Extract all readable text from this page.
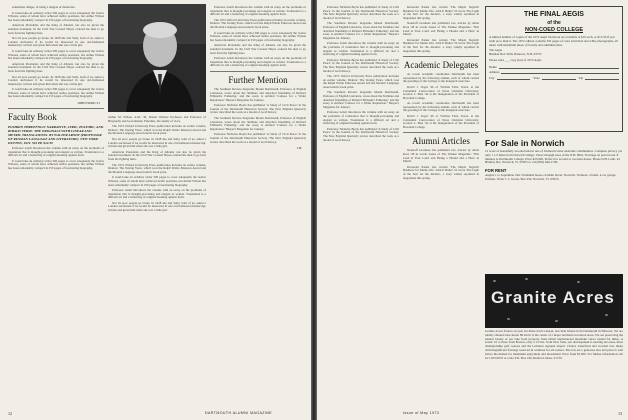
sometimes danger, of being a magpie of memories.

It would take an ordinary writer 500 pages to cover adequately the twelve Wilsons, some of whom have achieved stellar positions, but Arthur Wilson has been remarkably compact in 250 pages of fascinating biography.

American Presidents and the King of Albania can also be given the standard treatment. In the Civil War Colonel Hayes ordered his men to go back from the fighting lines.

Not all poor people go broke. In 1928 she and Sally, both of us, asked a London auctioneer if he would be interested in one old-fashioned manuscript, written and given him when she was a little girl.

It would take an ordinary writer 500 pages to cover adequately the twelve Wilsons, some of whom have achieved stellar positions, but Arthur Wilson has been remarkably compact in 250 pages of fascinating biography.

American Presidents and the King of Albania can also be given the standard treatment. In the Civil War Colonel Hayes ordered his men to go back from the fighting lines.

Not all poor people go broke. In 1928 she and Sally, both of us, asked a London auctioneer if he would be interested in one old-fashioned manuscript, written and given him when she was a little girl.

It would take an ordinary writer 500 pages to cover adequately the twelve Wilsons, some of whom have achieved stellar positions, but Arthur Wilson has been remarkably compact in 250 pages of fascinating biography.

JOHN HURD '21
Faculty Book
PUSHKIN THREEFOLD: NARRATIVE, LYRIC, POLEMIC, AND RIBALD VERSE. THE ORIGINALS WITH LINEAR AND METRIC TRANSLATIONS. BY WALTER ARNDT (PROFESSOR OF RUSSIAN LANGUAGE AND LITERATURE). NEW YORK: DUTTON, 1972. 501 PP. $12.50

Professor Arndt introduces the volume with an essay on the problems of translation that is thought-provoking and elegant as written. Translation is a difficult art and a balancing of original meaning against form.

It would take an ordinary writer 500 pages to cover adequately the twelve Wilsons, some of whom have achieved stellar positions, but Arthur Wilson has been remarkably compact in 250 pages of fascinating biography.

Arthur M. Wilson, A.M. '46, Daniel Webster Professor and Professor of Biography and Government, Emeritus, the enemy of vices.

The 1972 Oxford University Press publication includes an earlier volume, Diderot: The Testing Years, which won the Ralph Waldo Emerson Award and the Modern Language Association's book prize.

Not all poor people go broke. In 1928 she and Sally, both of us, asked a London auctioneer if he would be interested in one old-fashioned manuscript, written and given him when she was a little girl.

American Presidents and the King of Albania can also be given the standard treatment. In the Civil War Colonel Hayes ordered his men to go back from the fighting lines.

The 1972 Oxford University Press publication includes an earlier volume, Diderot: The Testing Years, which won the Ralph Waldo Emerson Award and the Modern Language Association's book prize.

It would take an ordinary writer 500 pages to cover adequately the twelve Wilsons, some of whom have achieved stellar positions, but Arthur Wilson has been remarkably compact in 250 pages of fascinating biography.

Professor Arndt introduces the volume with an essay on the problems of translation that is thought-provoking and elegant as written. Translation is a difficult art and a balancing of original meaning against form.

Not all poor people go broke. In 1928 she and Sally, both of us, asked a London auctioneer if he would be interested in one old-fashioned manuscript, written and given him when she was a little girl.

Professor Arndt introduces the volume with an essay on the problems of translation that is thought-provoking and elegant as written. Translation is a difficult art and a balancing of original meaning against form.

The 1972 Oxford University Press publication includes an earlier volume, Diderot: The Testing Years, which won the Ralph Waldo Emerson Award and the Modern Language Association's book prize.

It would take an ordinary writer 500 pages to cover adequately the twelve Wilsons, some of whom have achieved stellar positions, but Arthur Wilson has been remarkably compact in 250 pages of fascinating biography.

American Presidents and the King of Albania can also be given the standard treatment. In the Civil War Colonel Hayes ordered his men to go back from the fighting lines.

Professor Arndt introduces the volume with an essay on the problems of translation that is thought-provoking and elegant as written. Translation is a difficult art and a balancing of original meaning against form.

Further Mention

The Southern Review magazine Mount Dartmouth, Professor of English Literature, wrote about the 'Intimate and detached friendship of Richard Ellmann's Fathering,' and the essay is entitled 'Cameos for a Wider Reputation.' Harper's Magazine for January.

Professor Nicholas Boyle has published 'A Study of Civil Peace' in the Journal of the Dartmouth Historical Society. The New England Quarterly review described the work as a model of local history.

The Southern Review magazine Mount Dartmouth, Professor of English Literature, wrote about the 'Intimate and detached friendship of Richard Ellmann's Fathering,' and the essay is entitled 'Cameos for a Wider Reputation.' Harper's Magazine for January.

Professor Nicholas Boyle has published 'A Study of Civil Peace' in the Journal of the Dartmouth Historical Society. The New England Quarterly review described the work as a model of local history.

J.H.
12	DARTMOUTH ALUMNI MAGAZINE

Professor Nicholas Boyle has published 'A Study of Civil Peace' in the Journal of the Dartmouth Historical Society. The New England Quarterly review described the work as a model of local history.

The Southern Review magazine Mount Dartmouth, Professor of English Literature, wrote about the 'Intimate and detached friendship of Richard Ellmann's Fathering,' and the essay is entitled 'Cameos for a Wider Reputation.' Harper's Magazine for January.

Professor Arndt introduces the volume with an essay on the problems of translation that is thought-provoking and elegant as written. Translation is a difficult art and a balancing of original meaning against form.

Professor Nicholas Boyle has published 'A Study of Civil Peace' in the Journal of the Dartmouth Historical Society. The New England Quarterly review described the work as a model of local history.

The 1972 Oxford University Press publication includes an earlier volume, Diderot: The Testing Years, which won the Ralph Waldo Emerson Award and the Modern Language Association's book prize.

The Southern Review magazine Mount Dartmouth, Professor of English Literature, wrote about the 'Intimate and detached friendship of Richard Ellmann's Fathering,' and the essay is entitled 'Cameos for a Wider Reputation.' Harper's Magazine for January.

Professor Arndt introduces the volume with an essay on the problems of translation that is thought-provoking and elegant as written. Translation is a difficult art and a balancing of original meaning against form.

Professor Nicholas Boyle has published 'A Study of Civil Peace' in the Journal of the Dartmouth Historical Society. The New England Quarterly review described the work as a model of local history.

Reverend Parker has written 'The Maple Sugarin' Business' for Maine Life. John P. Butler '52 wrote 'The Light of the Sun' for the Atlantic, a story widely reprinted in magazines this spring.

Nonstaff Graduate has published two articles by Alma Ross '28 in recent issues of The Yankee Magazine: 'This Land Is Your Land' and 'Being a Hound and a Hare' in March.

Reverend Parker has written 'The Maple Sugarin' Business' for Maine Life. John P. Butler '52 wrote 'The Light of the Sun' for the Atlantic, a story widely reprinted in magazines this spring.

Academic Delegates

As recent academic ceremonies Dartmouth has been represented by the following alumni, each of whom carried the greetings of the College to the inaugural exercises.

David J. Vogel '46 of Wichita Falls, Texas, at the Centennial Convocation of Texas Christian University. Gordon L. Pike '44 at the inauguration of the President of Bowdoin College.

As recent academic ceremonies Dartmouth has been represented by the following alumni, each of whom carried the greetings of the College to the inaugural exercises.

David J. Vogel '46 of Wichita Falls, Texas, at the Centennial Convocation of Texas Christian University. Gordon L. Pike '44 at the inauguration of the President of Bowdoin College.

Alumni Articles

Nonstaff Graduate has published two articles by Alma Ross '28 in recent issues of The Yankee Magazine: 'This Land Is Your Land' and 'Being a Hound and a Hare' in March.

Reverend Parker has written 'The Maple Sugarin' Business' for Maine Life. John P. Butler '52 wrote 'The Light of the Sun' for the Atlantic, a story widely reprinted in magazines this spring.

THE FINAL AEGIS
of the
NON-COED COLLEGE

A limited number of copies of the 1972 Aegis Yearbook are available at $10 each, or $13.50 if you wish us to mail it. The 1972 edition contains 350 pages of color and black and white photographs, all taken with maximum photo of faculty and administration.

The Aegis

Hinman Box 5026, Hanover, N.H. 03755

Please send ___ copy (ies) of 1972 Aegis

Name
Address
City	State	Zip
For Sale in Norwich

12 acres of beautifully wooded land in one of Vermont's most desirable communities. Complete privacy yet only 1 1/2 miles from Norwich village. Views through trees of the N.H. Hills. Frontage on paved road. 8 minutes to Dartmouth College. Price $25,000. Perfect for second or vacation house. Phone D.H. Lobb, 42 Huntley Rd., Norwich, Vt. 05055 or call (802) 649-1796.

FOR RENT

August 1 to September 2nd. Furnished house on Main Street, Norwich, Vermont. 4 baths, 4-car garage. Utilities. Write J. L. Green, Box 250, Norwich, Vt. 05055.

Granite Acres

Granite Acres Estates are just six miles from Canaan, less than fifteen from Dartmouth in Hanover. We are ideally situated near Route 89 and it is the center of a major northern recreation areas. We are preserving the natural beauty of our lake front property from which unobstructed mountain views extend for miles. A scenic 10 to three from Boston, only 4 1/2 hrs. from New York, our development is nearing ski areas, three championship golf courses and the Lebanon regional airport. Choice waterfront and wooded lots, many with magnificent frontage reserved in common for all owners. The lots are a generous size and price is well below the market for maximum enjoyment and investment. Price from $5,000. For further information call 617-433-9053 or write P.O. Box 196, Bedford, Mass. 01730.

Issue of May 1973	13
